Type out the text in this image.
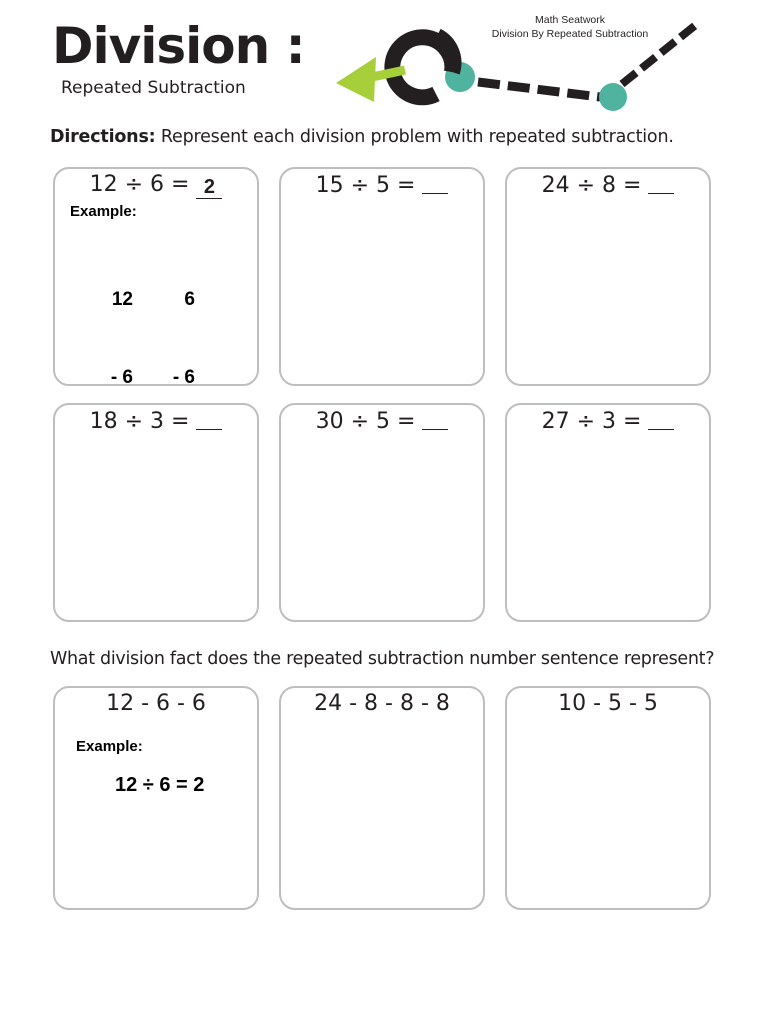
Division :
Repeated Subtraction
Math Seatwork
Division By Repeated Subtraction
Directions: Represent each division problem with repeated subtraction.
12 ÷ 6 = 2
Example:

12

- 6

6

- 6

15 ÷ 5 =	24 ÷ 8 =
18 ÷ 3 =	30 ÷ 5 =	27 ÷ 3 =
What division fact does the repeated subtraction number sentence represent?
12 - 6 - 6
Example:
12 ÷ 6 = 2
24 - 8 - 8 - 8	10 - 5 - 5
